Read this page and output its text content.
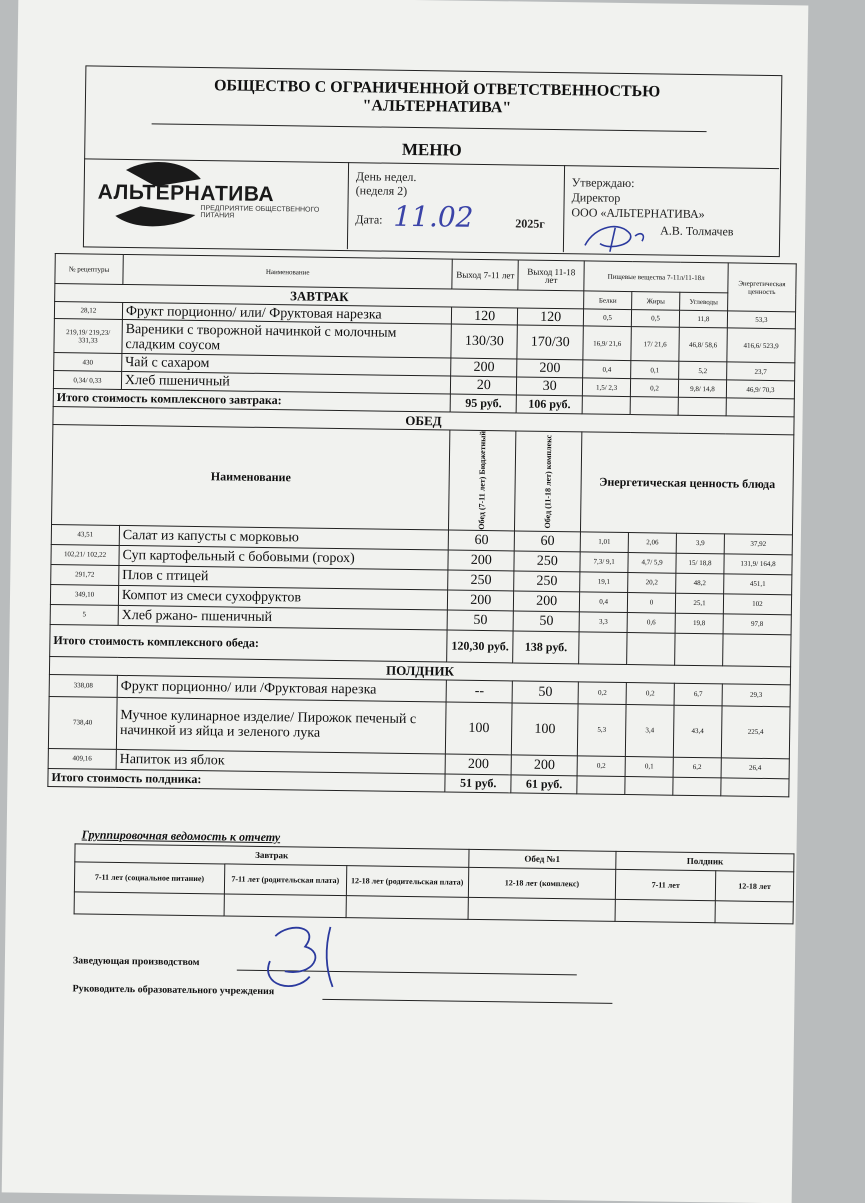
ОБЩЕСТВО С ОГРАНИЧЕННОЙ ОТВЕТСТВЕННОСТЬЮ
"АЛЬТЕРНАТИВА"
МЕНЮ
АЛЬТЕРНАТИВА
ПРЕДПРИЯТИЕ ОБЩЕСТВЕННОГО ПИТАНИЯ
День недел.
(неделя 2)
Дата: 11.02	2025г
Утверждаю:
Директор
ООО «АЛЬТЕРНАТИВА»
А.В. Толмачев
№ рецептуры	Наименование	Выход 7-11 лет	Выход 11-18 лет	Пищевые вещества 7-11л/11-18л			Энергетическая ценность
ЗАВТРАК				Белки	Жиры	Углеводы	
28,12	Фрукт порционно/ или/ Фруктовая нарезка	120	120	0,5	0,5	11,8	53,3
219,19/ 219,23/ 331,33	Вареники с творожной начинкой с молочным сладким соусом	130/30	170/30	16,9/ 21,6	17/ 21,6	46,8/ 58,6	416,6/ 523,9
430	Чай с сахаром	200	200	0,4	0,1	5,2	23,7
0,34/ 0,33	Хлеб пшеничный	20	30	1,5/ 2,3	0,2	9,8/ 14,8	46,9/ 70,3
Итого стоимость комплексного завтрака:		95 руб.	106 руб.				
ОБЕД							
Наименование		Обед (7-11 лет) Бюджетный	Обед (11-18 лет) комплекс	Энергетическая ценность блюда			
43,51	Салат из капусты с морковью	60	60	1,01	2,06	3,9	37,92
102,21/ 102,22	Суп картофельный с бобовыми (горох)	200	250	7,3/ 9,1	4,7/ 5,9	15/ 18,8	131,9/ 164,8
291,72	Плов с птицей	250	250	19,1	20,2	48,2	451,1
349,10	Компот из смеси сухофруктов	200	200	0,4	0	25,1	102
5	Хлеб ржано- пшеничный	50	50	3,3	0,6	19,8	97,8
Итого стоимость комплексного обеда:		120,30 руб.	138 руб.				
ПОЛДНИК							
338,08	Фрукт порционно/ или /Фруктовая нарезка	--	50	0,2	0,2	6,7	29,3
738,40	Мучное кулинарное изделие/ Пирожок печеный с начинкой из яйца и зеленого лука	100	100	5,3	3,4	43,4	225,4
409,16	Напиток из яблок	200	200	0,2	0,1	6,2	26,4
Итого стоимость полдника:		51 руб.	61 руб.				
Группировочная ведомость к отчету
Завтрак			Обед №1	Полдник	
7-11 лет (социальное питание)	7-11 лет (родительская плата)	12-18 лет (родительская плата)	12-18 лет (комплекс)	7-11 лет	12-18 лет

Заведующая производством
Руководитель образовательного учреждения
